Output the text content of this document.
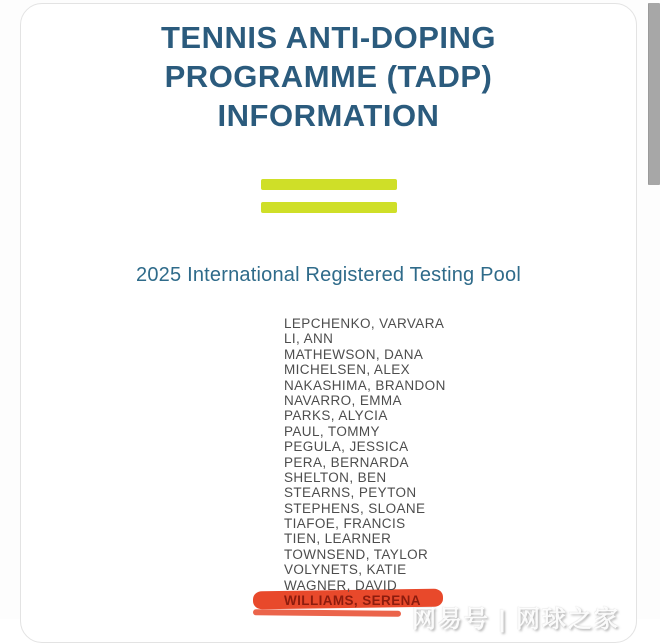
TENNIS ANTI-DOPING
PROGRAMME (TADP)
INFORMATION
2025 International Registered Testing Pool
LEPCHENKO, VARVARA
LI, ANN
MATHEWSON, DANA
MICHELSEN, ALEX
NAKASHIMA, BRANDON
NAVARRO, EMMA
PARKS, ALYCIA
PAUL, TOMMY
PEGULA, JESSICA
PERA, BERNARDA
SHELTON, BEN
STEARNS, PEYTON
STEPHENS, SLOANE
TIAFOE, FRANCIS
TIEN, LEARNER
TOWNSEND, TAYLOR
VOLYNETS, KATIE
WAGNER, DAVID
WILLIAMS, SERENA
网易号 | 网球之家
